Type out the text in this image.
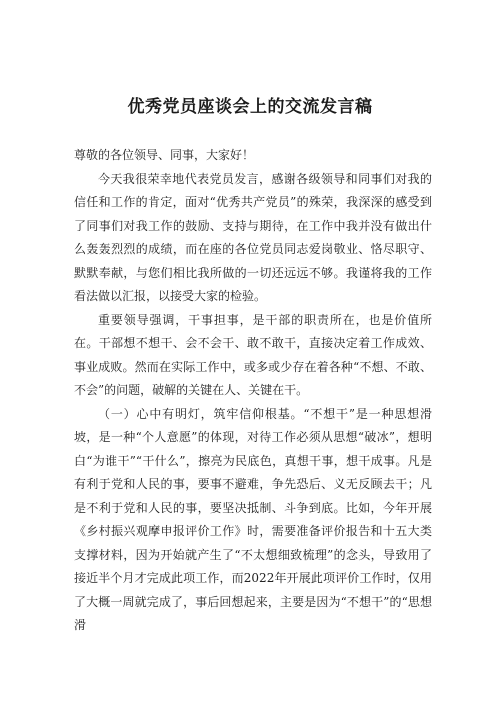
优秀党员座谈会上的交流发言稿

尊敬的各位领导、同事，大家好！

今天我很荣幸地代表党员发言，感谢各级领导和同事们对我的信任和工作的肯定，面对“优秀共产党员”的殊荣，我深深的感受到了同事们对我工作的鼓励、支持与期待，在工作中我并没有做出什么轰轰烈烈的成绩，而在座的各位党员同志爱岗敬业、恪尽职守、默默奉献，与您们相比我所做的一切还远远不够。我谨将我的工作看法做以汇报，以接受大家的检验。

重要领导强调，干事担事，是干部的职责所在，也是价值所在。干部想不想干、会不会干、敢不敢干，直接决定着工作成效、事业成败。然而在实际工作中，或多或少存在着各种“不想、不敢、不会”的问题，破解的关键在人、关键在干。

（一）心中有明灯，筑牢信仰根基。“不想干”是一种思想滑坡，是一种“个人意愿”的体现，对待工作必须从思想“破冰”，想明白“为谁干”“干什么”，擦亮为民底色，真想干事，想干成事。凡是有利于党和人民的事，要事不避难，争先恐后、义无反顾去干；凡是不利于党和人民的事，要坚决抵制、斗争到底。比如，今年开展《乡村振兴观摩申报评价工作》时，需要准备评价报告和十五大类支撑材料，因为开始就产生了“不太想细致梳理”的念头，导致用了接近半个月才完成此项工作，而2022年开展此项评价工作时，仅用了大概一周就完成了，事后回想起来，主要是因为“不想干”的“思想滑
